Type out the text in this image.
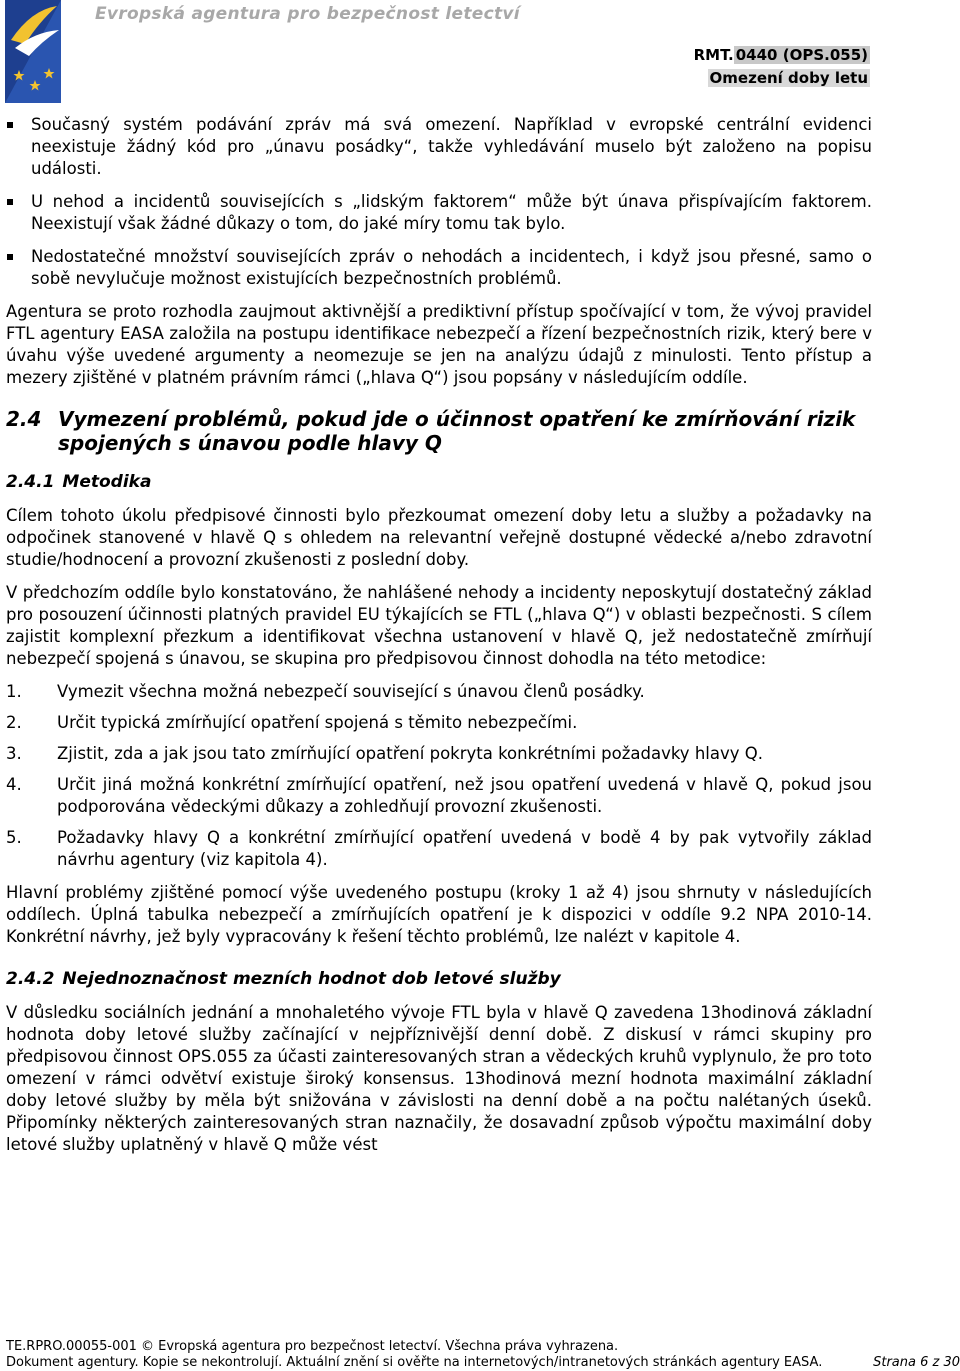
Evropská agentura pro bezpečnost letectví
RMT. 0440 (OPS.055)
Omezení doby letu
Současný systém podávání zpráv má svá omezení. Například v evropské centrální evidenci neexistuje žádný kód pro „únavu posádky“, takže vyhledávání muselo být založeno na popisu události.
U nehod a incidentů souvisejících s „lidským faktorem“ může být únava přispívajícím faktorem. Neexistují však žádné důkazy o tom, do jaké míry tomu tak bylo.
Nedostatečné množství souvisejících zpráv o nehodách a incidentech, i když jsou přesné, samo o sobě nevylučuje možnost existujících bezpečnostních problémů.

Agentura se proto rozhodla zaujmout aktivnější a prediktivní přístup spočívající v tom, že vývoj pravidel FTL agentury EASA založila na postupu identifikace nebezpečí a řízení bezpečnostních rizik, který bere v úvahu výše uvedené argumenty a neomezuje se jen na analýzu údajů z minulosti. Tento přístup a mezery zjištěné v platném právním rámci („hlava Q“) jsou popsány v následujícím oddíle.

2.4 Vymezení problémů, pokud jde o účinnost opatření ke zmírňování rizik spojených s únavou podle hlavy Q
2.4.1 Metodika

Cílem tohoto úkolu předpisové činnosti bylo přezkoumat omezení doby letu a služby a požadavky na odpočinek stanovené v hlavě Q s ohledem na relevantní veřejně dostupné vědecké a/nebo zdravotní studie/hodnocení a provozní zkušenosti z poslední doby.

V předchozím oddíle bylo konstatováno, že nahlášené nehody a incidenty neposkytují dostatečný základ pro posouzení účinnosti platných pravidel EU týkajících se FTL („hlava Q“) v oblasti bezpečnosti. S cílem zajistit komplexní přezkum a identifikovat všechna ustanovení v hlavě Q, jež nedostatečně zmírňují nebezpečí spojená s únavou, se skupina pro předpisovou činnost dohodla na této metodice:

1.	Vymezit všechna možná nebezpečí související s únavou členů posádky.
2.	Určit typická zmírňující opatření spojená s těmito nebezpečími.
3.	Zjistit, zda a jak jsou tato zmírňující opatření pokryta konkrétními požadavky hlavy Q.
4.	Určit jiná možná konkrétní zmírňující opatření, než jsou opatření uvedená v hlavě Q, pokud jsou podporována vědeckými důkazy a zohledňují provozní zkušenosti.
5.	Požadavky hlavy Q a konkrétní zmírňující opatření uvedená v bodě 4 by pak vytvořily základ návrhu agentury (viz kapitola 4).

Hlavní problémy zjištěné pomocí výše uvedeného postupu (kroky 1 až 4) jsou shrnuty v následujících oddílech. Úplná tabulka nebezpečí a zmírňujících opatření je k dispozici v oddíle 9.2 NPA 2010-14. Konkrétní návrhy, jež byly vypracovány k řešení těchto problémů, lze nalézt v kapitole 4.

2.4.2 Nejednoznačnost mezních hodnot dob letové služby

V důsledku sociálních jednání a mnohaletého vývoje FTL byla v hlavě Q zavedena 13hodinová základní hodnota doby letové služby začínající v nejpříznivější denní době. Z diskusí v rámci skupiny pro předpisovou činnost OPS.055 za účasti zainteresovaných stran a vědeckých kruhů vyplynulo, že pro toto omezení v rámci odvětví existuje široký konsensus. 13hodinová mezní hodnota maximální základní doby letové služby by měla být snižována v závislosti na denní době a na počtu nalétaných úseků. Připomínky některých zainteresovaných stran naznačily, že dosavadní způsob výpočtu maximální doby letové služby uplatněný v hlavě Q může vést

TE.RPRO.00055-001 © Evropská agentura pro bezpečnost letectví. Všechna práva vyhrazena.
Dokument agentury. Kopie se nekontrolují. Aktuální znění si ověřte na internetových/intranetových stránkách agentury EASA.	Strana 6 z 30
